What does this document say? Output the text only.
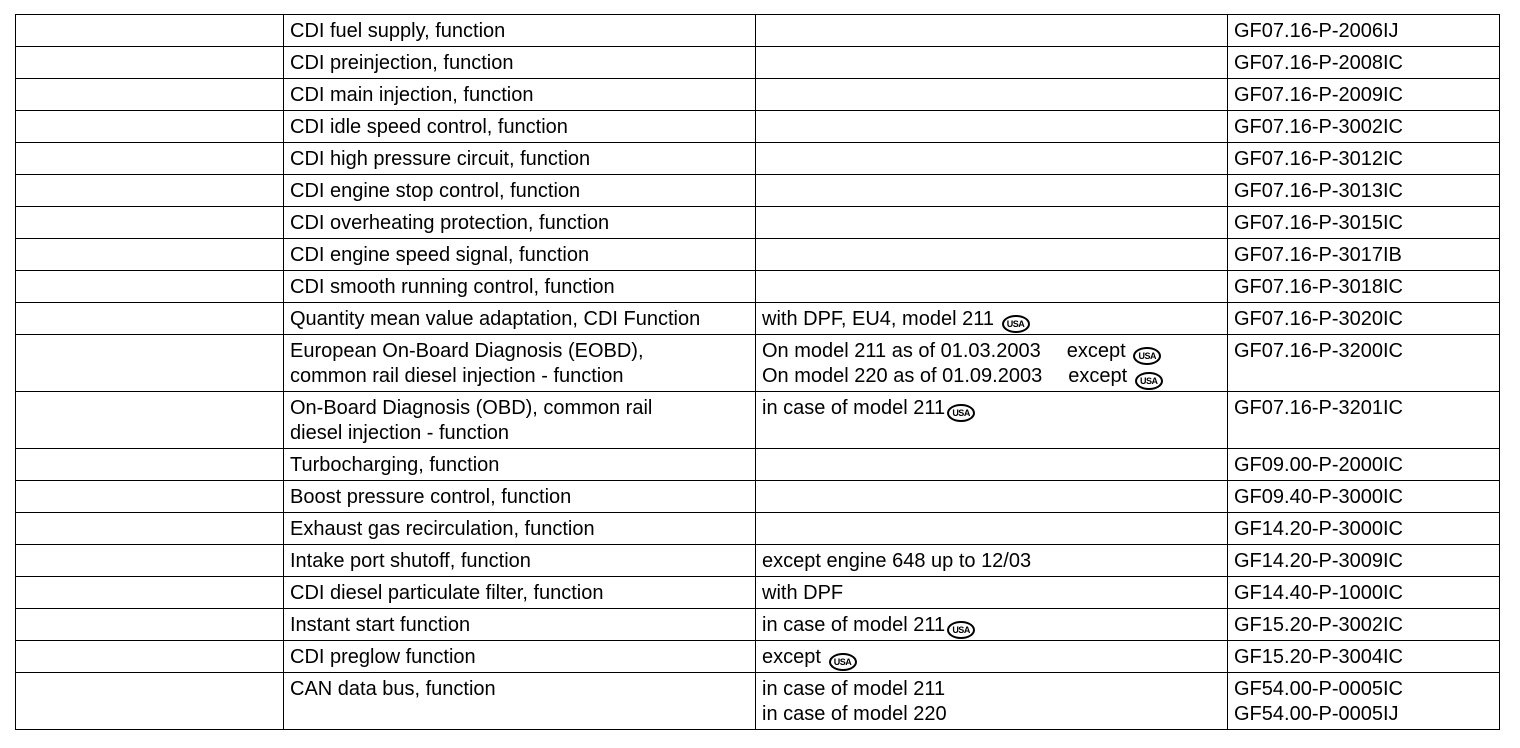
	CDI fuel supply, function		GF07.16-P-2006IJ

	CDI preinjection, function		GF07.16-P-2008IC

	CDI main injection, function		GF07.16-P-2009IC

	CDI idle speed control, function		GF07.16-P-3002IC

	CDI high pressure circuit, function		GF07.16-P-3012IC

	CDI engine stop control, function		GF07.16-P-3013IC

	CDI overheating protection, function		GF07.16-P-3015IC

	CDI engine speed signal, function		GF07.16-P-3017IB

	CDI smooth running control, function		GF07.16-P-3018IC

	Quantity mean value adaptation, CDI Function	with DPF, EU4, model 211 USA	GF07.16-P-3020IC

	European On-Board Diagnosis (EOBD),
common rail diesel injection - function	On model 211 as of 01.03.2003 except USA
On model 220 as of 01.09.2003 except USA	GF07.16-P-3200IC

	On-Board Diagnosis (OBD), common rail
diesel injection - function	in case of model 211 USA	GF07.16-P-3201IC

	Turbocharging, function		GF09.00-P-2000IC

	Boost pressure control, function		GF09.40-P-3000IC

	Exhaust gas recirculation, function		GF14.20-P-3000IC

	Intake port shutoff, function	except engine 648 up to 12/03	GF14.20-P-3009IC

	CDI diesel particulate filter, function	with DPF	GF14.40-P-1000IC

	Instant start function	in case of model 211 USA	GF15.20-P-3002IC

	CDI preglow function	except USA	GF15.20-P-3004IC

	CAN data bus, function	in case of model 211
in case of model 220	GF54.00-P-0005IC
GF54.00-P-0005IJ
